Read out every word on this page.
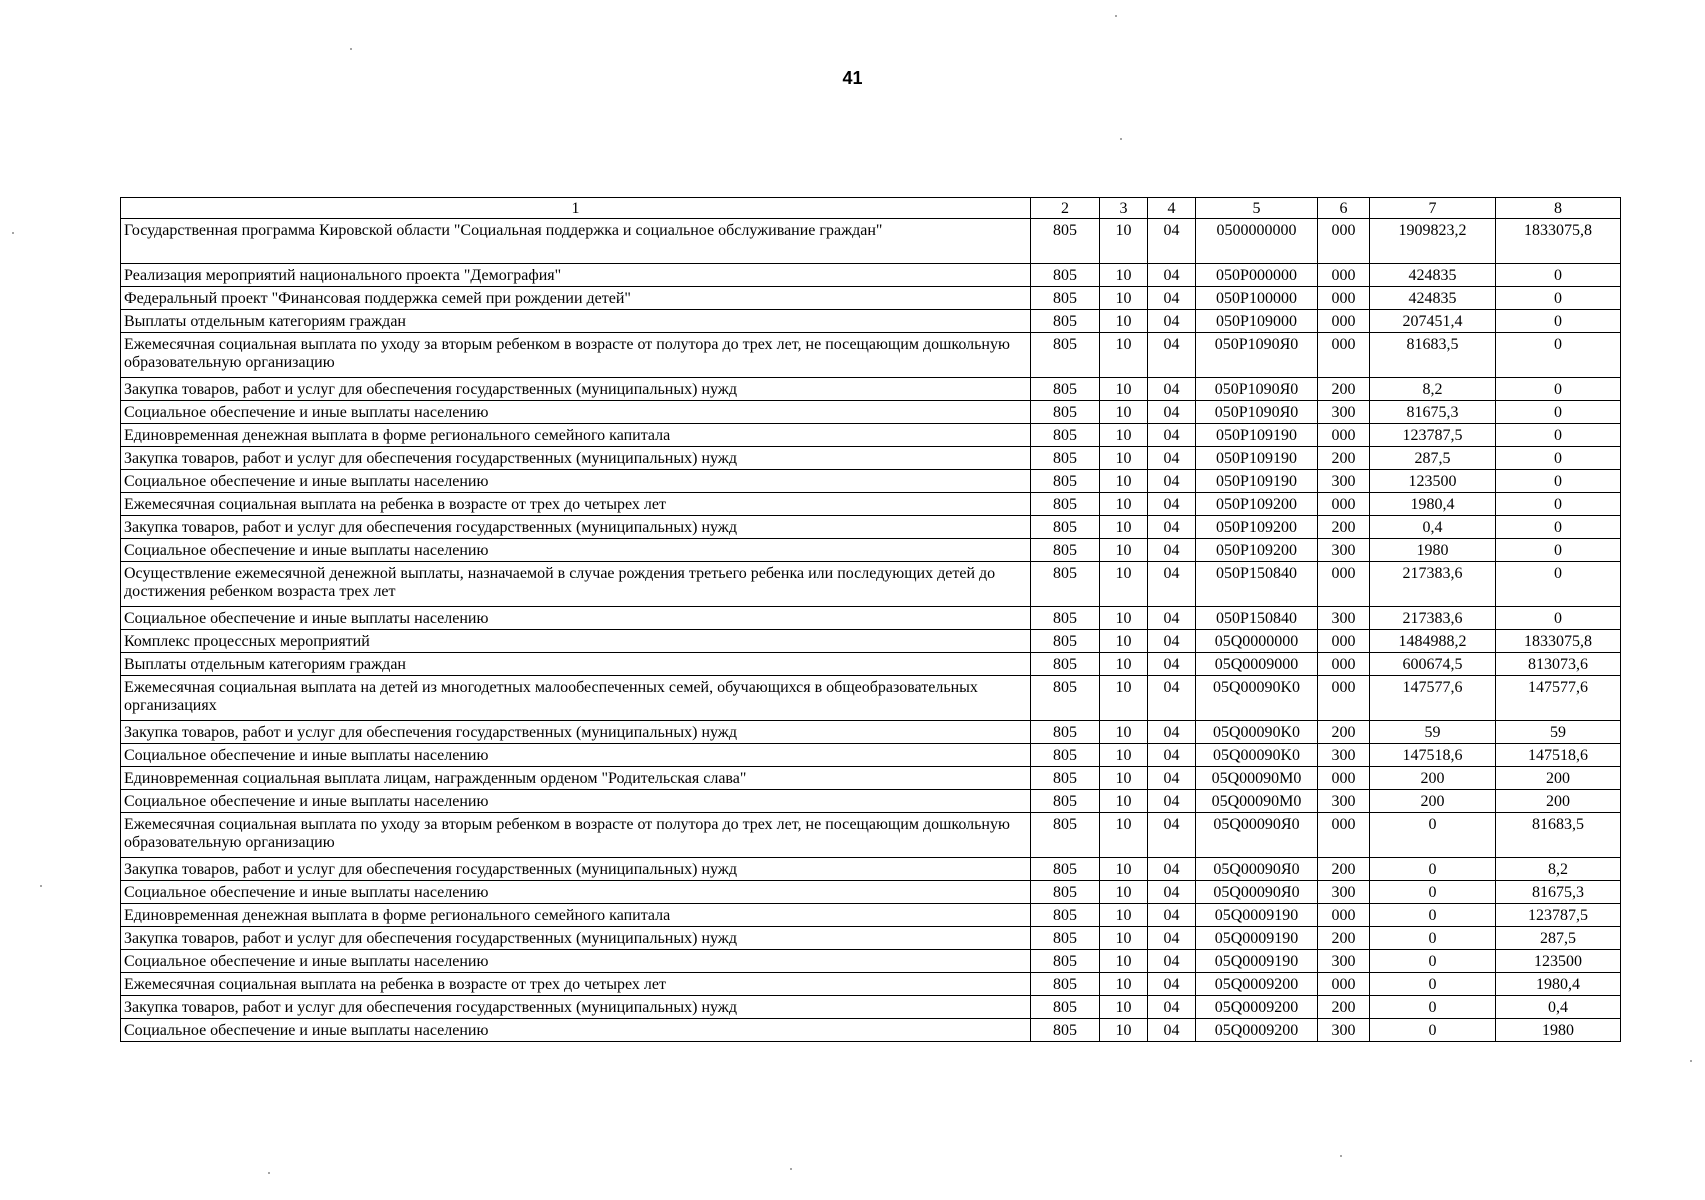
41
1	2	3	4	5	6	7	8
Государственная программа Кировской области "Социальная поддержка и социальное обслуживание граждан"	805	10	04	0500000000	000	1909823,2	1833075,8
Реализация мероприятий национального проекта "Демография"	805	10	04	050P000000	000	424835	0
Федеральный проект "Финансовая поддержка семей при рождении детей"	805	10	04	050P100000	000	424835	0
Выплаты отдельным категориям граждан	805	10	04	050P109000	000	207451,4	0
Ежемесячная социальная выплата по уходу за вторым ребенком в возрасте от полутора до трех лет, не посещающим дошкольную образовательную организацию	805	10	04	050P1090Я0	000	81683,5	0
Закупка товаров, работ и услуг для обеспечения государственных (муниципальных) нужд	805	10	04	050P1090Я0	200	8,2	0
Социальное обеспечение и иные выплаты населению	805	10	04	050P1090Я0	300	81675,3	0
Единовременная денежная выплата в форме регионального семейного капитала	805	10	04	050P109190	000	123787,5	0
Закупка товаров, работ и услуг для обеспечения государственных (муниципальных) нужд	805	10	04	050P109190	200	287,5	0
Социальное обеспечение и иные выплаты населению	805	10	04	050P109190	300	123500	0
Ежемесячная социальная выплата на ребенка в возрасте от трех до четырех лет	805	10	04	050P109200	000	1980,4	0
Закупка товаров, работ и услуг для обеспечения государственных (муниципальных) нужд	805	10	04	050P109200	200	0,4	0
Социальное обеспечение и иные выплаты населению	805	10	04	050P109200	300	1980	0
Осуществление ежемесячной денежной выплаты, назначаемой в случае рождения третьего ребенка или последующих детей до достижения ребенком возраста трех лет	805	10	04	050P150840	000	217383,6	0
Социальное обеспечение и иные выплаты населению	805	10	04	050P150840	300	217383,6	0
Комплекс процессных мероприятий	805	10	04	05Q0000000	000	1484988,2	1833075,8
Выплаты отдельным категориям граждан	805	10	04	05Q0009000	000	600674,5	813073,6
Ежемесячная социальная выплата на детей из многодетных малообеспеченных семей, обучающихся в общеобразовательных организациях	805	10	04	05Q00090K0	000	147577,6	147577,6
Закупка товаров, работ и услуг для обеспечения государственных (муниципальных) нужд	805	10	04	05Q00090K0	200	59	59
Социальное обеспечение и иные выплаты населению	805	10	04	05Q00090K0	300	147518,6	147518,6
Единовременная социальная выплата лицам, награжденным орденом "Родительская слава"	805	10	04	05Q00090M0	000	200	200
Социальное обеспечение и иные выплаты населению	805	10	04	05Q00090M0	300	200	200
Ежемесячная социальная выплата по уходу за вторым ребенком в возрасте от полутора до трех лет, не посещающим дошкольную образовательную организацию	805	10	04	05Q00090Я0	000	0	81683,5
Закупка товаров, работ и услуг для обеспечения государственных (муниципальных) нужд	805	10	04	05Q00090Я0	200	0	8,2
Социальное обеспечение и иные выплаты населению	805	10	04	05Q00090Я0	300	0	81675,3
Единовременная денежная выплата в форме регионального семейного капитала	805	10	04	05Q0009190	000	0	123787,5
Закупка товаров, работ и услуг для обеспечения государственных (муниципальных) нужд	805	10	04	05Q0009190	200	0	287,5
Социальное обеспечение и иные выплаты населению	805	10	04	05Q0009190	300	0	123500
Ежемесячная социальная выплата на ребенка в возрасте от трех до четырех лет	805	10	04	05Q0009200	000	0	1980,4
Закупка товаров, работ и услуг для обеспечения государственных (муниципальных) нужд	805	10	04	05Q0009200	200	0	0,4
Социальное обеспечение и иные выплаты населению	805	10	04	05Q0009200	300	0	1980
